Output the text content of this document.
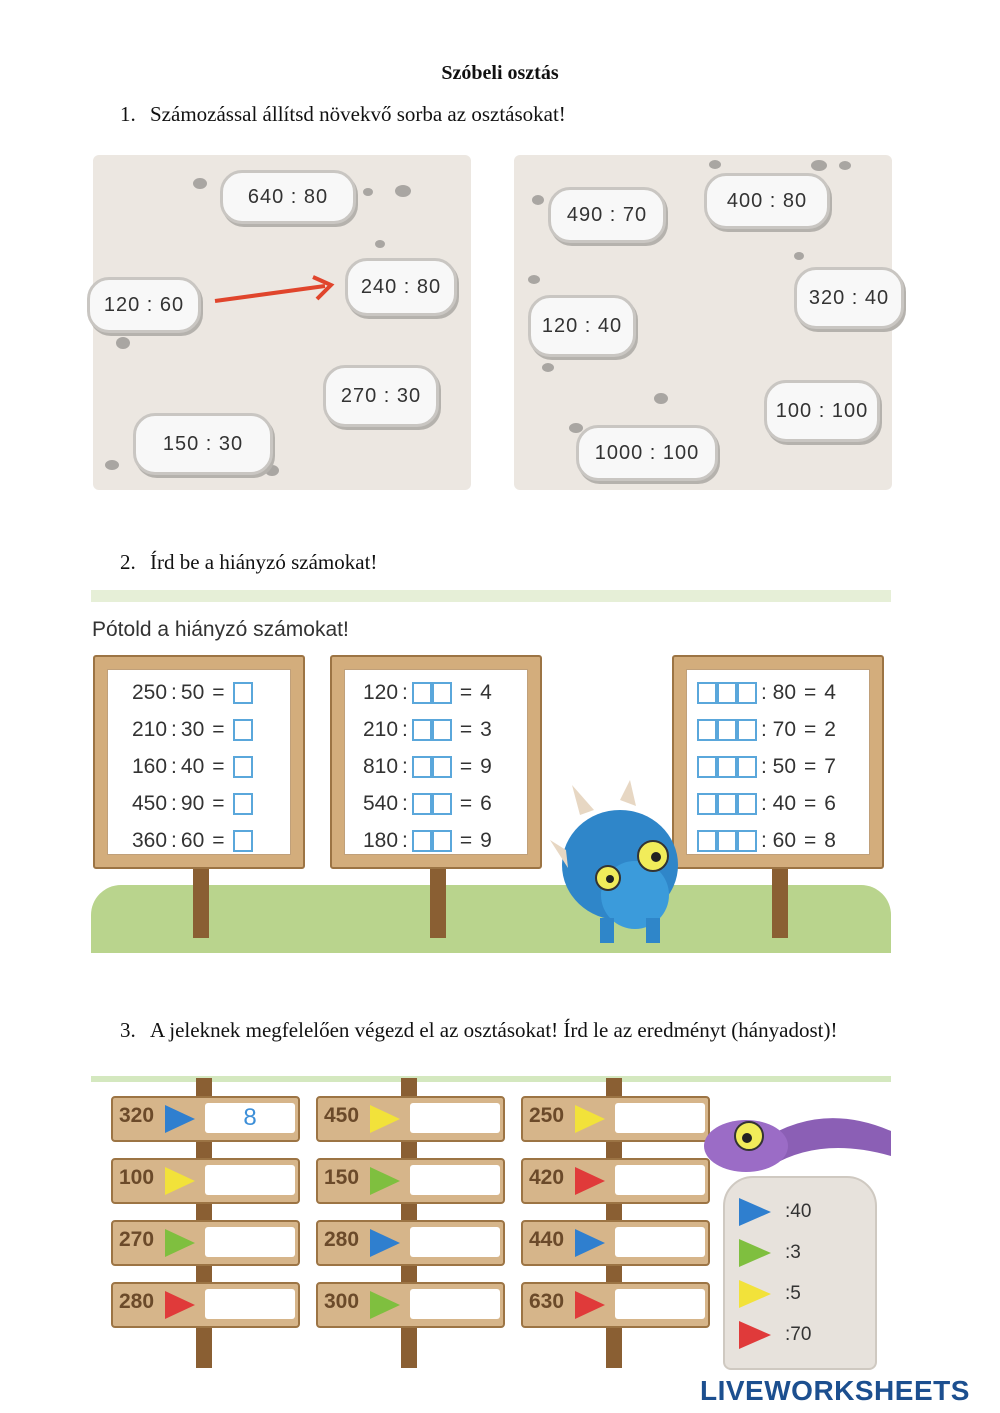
Szóbeli osztás
1. Számozással állítsd növekvő sorba az osztásokat!
640 : 80
120 : 60
240 : 80
270 : 30
150 : 30
490 : 70
400 : 80
320 : 40
120 : 40
100 : 100
1000 : 100
2. Írd be a hiányzó számokat!
Pótold a hiányzó számokat!
250 : 50 =
210 : 30 =
160 : 40 =
450 : 90 =
360 : 60 =
120 : = 4
210 : = 3
810 : = 9
540 : = 6
180 : = 9
: 80 = 4
: 70 = 2
: 50 = 7
: 40 = 6
: 60 = 8
3. A jeleknek megfelelően végezd el az osztásokat! Írd le az eredményt (hányadost)!
320	8
100
270
280
450
150
280
300
250
420
440
630
:40
:3
:5
:70
LIVEWORKSHEETS
